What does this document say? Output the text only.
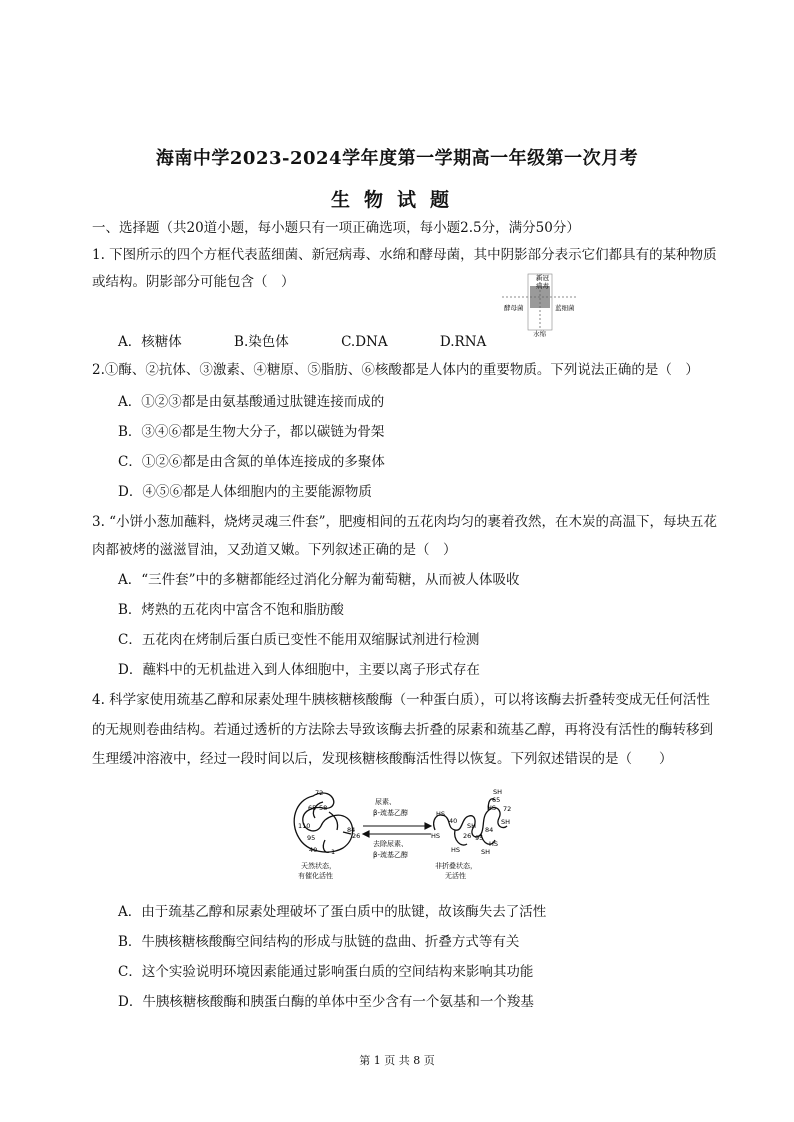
海南中学2023-2024学年度第一学期高一年级第一次月考
生物试题
一、选择题（共20道小题，每小题只有一项正确选项，每小题2.5分，满分50分）
1. 下图所示的四个方框代表蓝细菌、新冠病毒、水绵和酵母菌，其中阴影部分表示它们都具有的某种物质
或结构。阴影部分可能包含（　）	新冠
病毒
酵母菌	蓝细菌
水绵
A．核糖体	B.染色体	C.DNA	D.RNA
2.①酶、②抗体、③激素、④糖原、⑤脂肪、⑥核酸都是人体内的重要物质。下列说法正确的是（　）
A．①②③都是由氨基酸通过肽键连接而成的
B．③④⑥都是生物大分子，都以碳链为骨架
C．①②⑥都是由含氮的单体连接成的多聚体
D．④⑤⑥都是人体细胞内的主要能源物质
3. “小饼小葱加蘸料，烧烤灵魂三件套”，肥瘦相间的五花肉均匀的裹着孜然，在木炭的高温下，每块五花
肉都被烤的滋滋冒油，又劲道又嫩。下列叙述正确的是（　）
A．“三件套”中的多糖都能经过消化分解为葡萄糖，从而被人体吸收
B．烤熟的五花肉中富含不饱和脂肪酸
C．五花肉在烤制后蛋白质已变性不能用双缩脲试剂进行检测
D．蘸料中的无机盐进入到人体细胞中，主要以离子形式存在
4. 科学家使用巯基乙醇和尿素处理牛胰核糖核酸酶（一种蛋白质），可以将该酶去折叠转变成无任何活性
的无规则卷曲结构。若通过透析的方法除去导致该酶去折叠的尿素和巯基乙醇，再将没有活性的酶转移到
生理缓冲溶液中，经过一段时间以后，发现核糖核酸酶活性得以恢复。下列叙述错误的是（　　）
72
65 58
110
95
84
26
40 1
天然状态，
有催化活性
尿素、
β-巯基乙醇
去除尿素、
β-巯基乙醇
SH
65
HS 72
SH
HS
40
HS	26
SH 84
95
HS
SH
HS
非折叠状态，
无活性
A．由于巯基乙醇和尿素处理破坏了蛋白质中的肽键，故该酶失去了活性
B．牛胰核糖核酸酶空间结构的形成与肽链的盘曲、折叠方式等有关
C．这个实验说明环境因素能通过影响蛋白质的空间结构来影响其功能
D．牛胰核糖核酸酶和胰蛋白酶的单体中至少含有一个氨基和一个羧基
第 1 页 共 8 页
